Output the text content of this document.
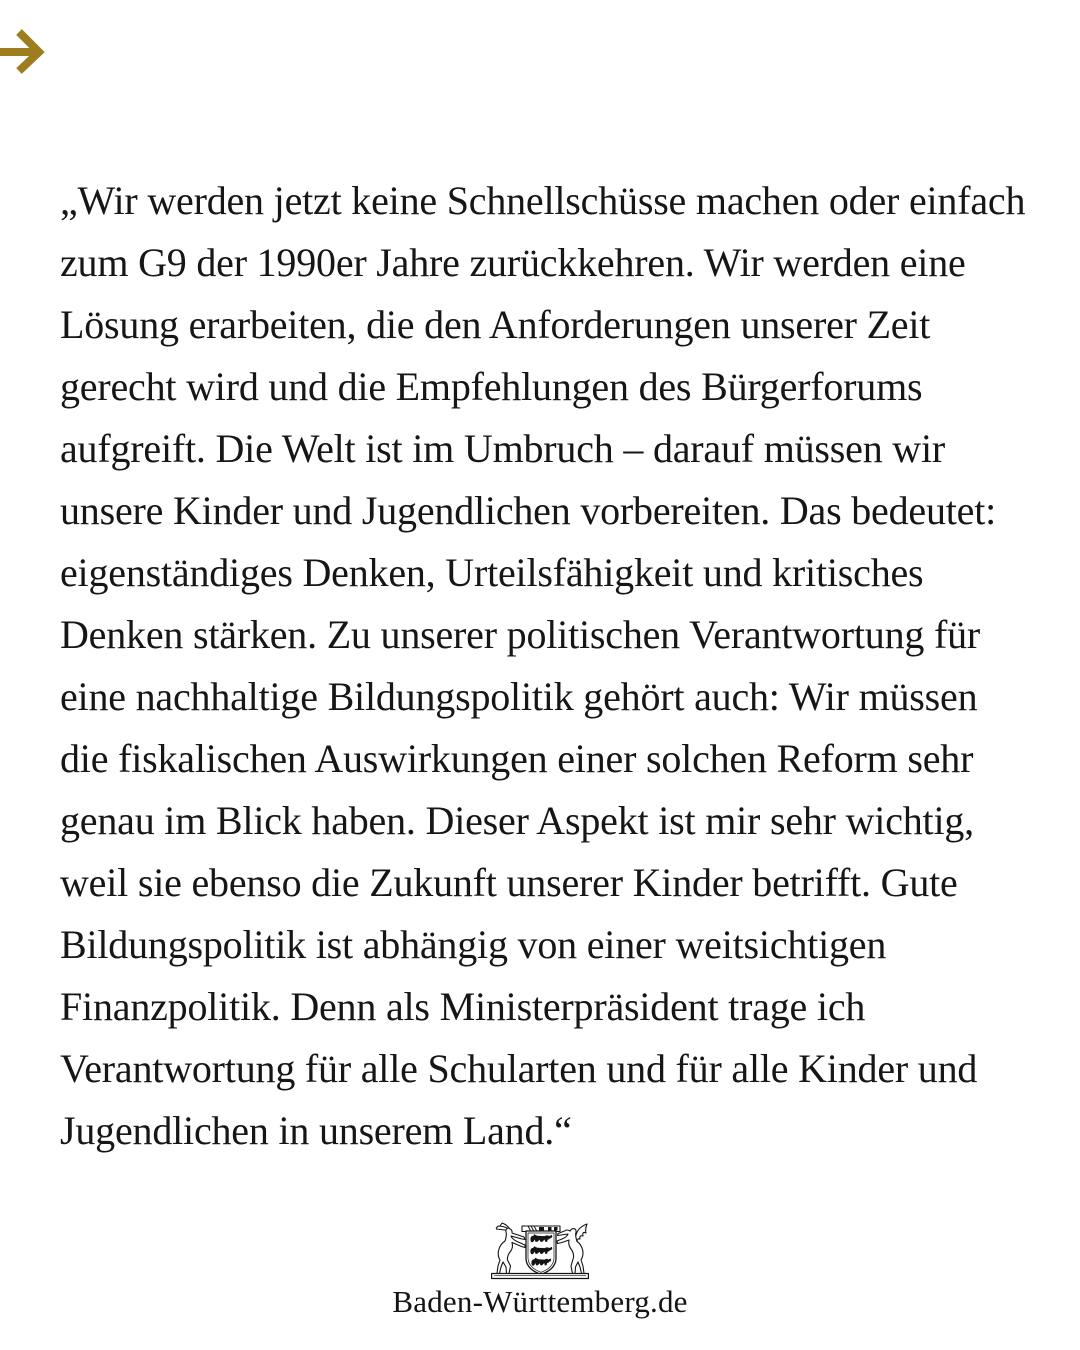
„Wir werden jetzt keine Schnellschüsse machen oder einfach
zum G9 der 1990er Jahre zurückkehren. Wir werden eine
Lösung erarbeiten, die den Anforderungen unserer Zeit
gerecht wird und die Empfehlungen des Bürgerforums
aufgreift. Die Welt ist im Umbruch – darauf müssen wir
unsere Kinder und Jugendlichen vorbereiten. Das bedeutet:
eigenständiges Denken, Urteilsfähigkeit und kritisches
Denken stärken. Zu unserer politischen Verantwortung für
eine nachhaltige Bildungspolitik gehört auch: Wir müssen
die fiskalischen Auswirkungen einer solchen Reform sehr
genau im Blick haben. Dieser Aspekt ist mir sehr wichtig,
weil sie ebenso die Zukunft unserer Kinder betrifft. Gute
Bildungspolitik ist abhängig von einer weitsichtigen
Finanzpolitik. Denn als Ministerpräsident trage ich
Verantwortung für alle Schularten und für alle Kinder und
Jugendlichen in unserem Land.“
Baden-Württemberg.de
